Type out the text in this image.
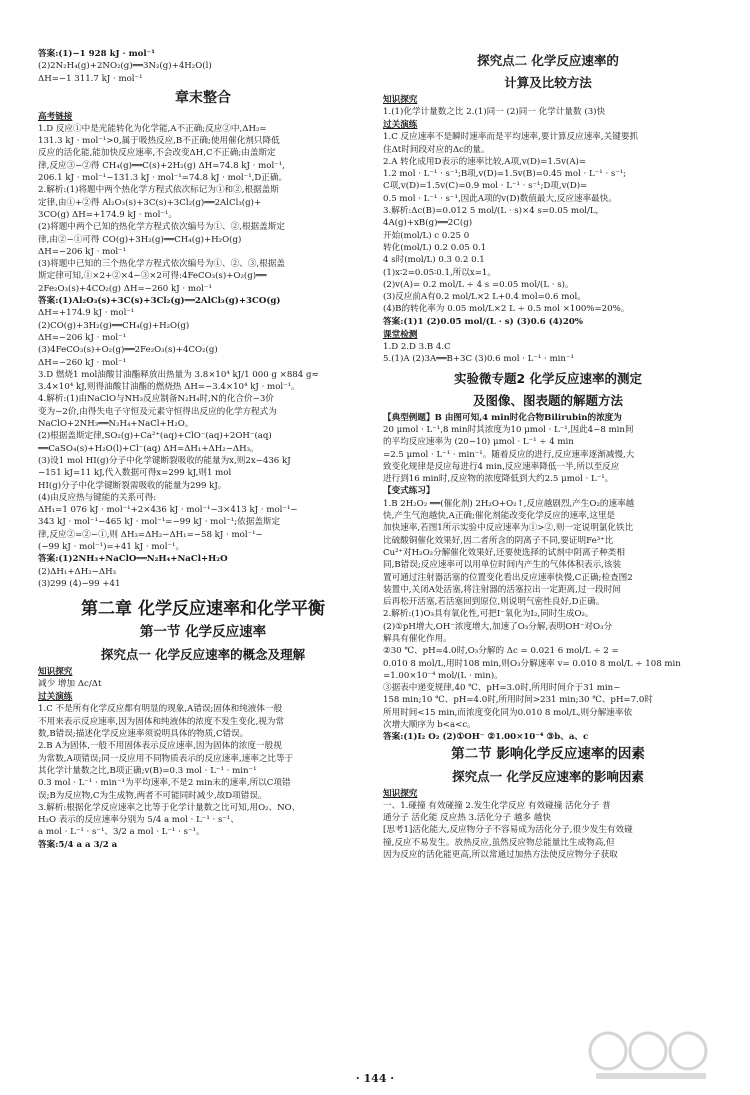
答案:(1)−1 928 kJ · mol⁻¹
(2)2N₂H₄(g)+2NO₂(g)══3N₂(g)+4H₂O(l)
ΔH=−1 311.7 kJ · mol⁻¹
章末整合
高考链接
1.D 反应①中是光能转化为化学能,A不正确;反应②中,ΔH₂=
131.3 kJ · mol⁻¹>0,属于吸热反应,B不正确;使用催化剂只降低
反应的活化能,能加快反应速率,不会改变ΔH,C不正确;由盖斯定
律,反应③−②得 CH₄(g)══C(s)+2H₂(g) ΔH=74.8 kJ · mol⁻¹,
206.1 kJ · mol⁻¹−131.3 kJ · mol⁻¹=74.8 kJ · mol⁻¹,D正确。
2.解析:(1)将题中两个热化学方程式依次标记为①和②,根据盖斯
定律,由①+②得 Al₂O₃(s)+3C(s)+3Cl₂(g)══2AlCl₃(g)+
3CO(g) ΔH=+174.9 kJ · mol⁻¹。
(2)将题中两个已知的热化学方程式依次编号为①、②,根据盖斯定
律,由②−①可得 CO(g)+3H₂(g)══CH₄(g)+H₂O(g)
ΔH=−206 kJ · mol⁻¹
(3)将题中已知的三个热化学方程式依次编号为①、②、③,根据盖
斯定律可知,①×2+②×4−③×2可得:4FeCO₃(s)+O₂(g)══
2Fe₂O₃(s)+4CO₂(g) ΔH=−260 kJ · mol⁻¹
答案:(1)Al₂O₃(s)+3C(s)+3Cl₂(g)══2AlCl₃(g)+3CO(g)
ΔH=+174.9 kJ · mol⁻¹
(2)CO(g)+3H₂(g)══CH₄(g)+H₂O(g)
ΔH=−206 kJ · mol⁻¹
(3)4FeCO₃(s)+O₂(g)══2Fe₂O₃(s)+4CO₂(g)
ΔH=−260 kJ · mol⁻¹
3.D 燃烧1 mol油酸甘油酯释放出热量为 3.8×10⁴ kJ/1 000 g ×884 g≈
3.4×10⁴ kJ,则得油酸甘油酯的燃烧热 ΔH=−3.4×10⁴ kJ · mol⁻¹。
4.解析:(1)由NaClO与NH₃反应制备N₂H₄时,N的化合价−3价
变为−2价,由得失电子守恒及元素守恒得出反应的化学方程式为
NaClO+2NH₃══N₂H₄+NaCl+H₂O。
(2)根据盖斯定律,SO₂(g)+Ca²⁺(aq)+ClO⁻(aq)+2OH⁻(aq)
══CaSO₄(s)+H₂O(l)+Cl⁻(aq) ΔH=ΔH₁+ΔH₂−ΔH₃。
(3)设1 mol HI(g)分子中化学键断裂吸收的能量为x,则2x−436 kJ
−151 kJ=11 kJ,代入数据可得x=299 kJ,则1 mol
HI(g)分子中化学键断裂需吸收的能量为299 kJ。
(4)由反应热与键能的关系可得:
ΔH₁=1 076 kJ · mol⁻¹+2×436 kJ · mol⁻¹−3×413 kJ · mol⁻¹−
343 kJ · mol⁻¹−465 kJ · mol⁻¹=−99 kJ · mol⁻¹;依据盖斯定
律,反应②=②−①,则 ΔH₃=ΔH₂−ΔH₁=−58 kJ · mol⁻¹−
(−99 kJ · mol⁻¹)=+41 kJ · mol⁻¹。
答案:(1)2NH₃+NaClO══N₂H₄+NaCl+H₂O
(2)ΔH₁+ΔH₂−ΔH₃
(3)299 (4)−99 +41
第二章 化学反应速率和化学平衡
第一节 化学反应速率
探究点一 化学反应速率的概念及理解
知识探究
减少 增加 Δc/Δt
过关演练
1.C 不是所有化学反应都有明显的现象,A错误;固体和纯液体一般
不用来表示反应速率,因为固体和纯液体的浓度不发生变化,视为常
数,B错误;描述化学反应速率须说明具体的物质,C错误。
2.B A为固体,一般不用固体表示反应速率,因为固体的浓度一般视
为常数,A项错误;同一反应用不同物质表示的反应速率,速率之比等于
其化学计量数之比,B项正确;v(B)=0.3 mol · L⁻¹ · min⁻¹
0.3 mol · L⁻¹ · min⁻¹为平均速率,不是2 min末的速率,所以C项错
误;B为反应物,C为生成物,两者不可能同时减少,故D项错误。
3.解析:根据化学反应速率之比等于化学计量数之比可知,用O₂、NO、
H₂O 表示的反应速率分别为 5/4 a mol · L⁻¹ · s⁻¹、
a mol · L⁻¹ · s⁻¹、3/2 a mol · L⁻¹ · s⁻¹。
答案:5/4 a a 3/2 a
探究点二 化学反应速率的
计算及比较方法
知识探究
1.(1)化学计量数之比 2.(1)同一 (2)同一 化学计量数 (3)快
过关演练
1.C 反应速率不是瞬时速率而是平均速率,要计算反应速率,关键要抓
住Δt时间段对应的Δc的量。
2.A 转化成用D表示的速率比较,A项,v(D)=1.5v(A)=
1.2 mol · L⁻¹ · s⁻¹;B项,v(D)=1.5v(B)=0.45 mol · L⁻¹ · s⁻¹;
C项,v(D)=1.5v(C)=0.9 mol · L⁻¹ · s⁻¹;D项,v(D)=
0.5 mol · L⁻¹ · s⁻¹,因此A项的v(D)数值最大,反应速率最快。
3.解析:Δc(B)=0.012 5 mol/(L · s)×4 s=0.05 mol/L,
4A(g)+xB(g)══2C(g)
开始(mol/L) c 0.25 0
转化(mol/L) 0.2 0.05 0.1
4 s时(mol/L) 0.3 0.2 0.1
(1)x∶2=0.05∶0.1,所以x=1。
(2)v(A)= 0.2 mol/L ÷ 4 s =0.05 mol/(L · s)。
(3)反应前A有0.2 mol/L×2 L+0.4 mol=0.6 mol。
(4)B的转化率为 0.05 mol/L×2 L ÷ 0.5 mol ×100%=20%。
答案:(1)1 (2)0.05 mol/(L · s) (3)0.6 (4)20%
课堂检测
1.D 2.D 3.B 4.C
5.(1)A (2)3A══B+3C (3)0.6 mol · L⁻¹ · min⁻¹
实验微专题2 化学反应速率的测定
及图像、图表题的解题方法
【典型例题】B 由图可知,4 min时化合物Bilirubin的浓度为
20 μmol · L⁻¹,8 min时其浓度为10 μmol · L⁻¹,因此4~8 min间
的平均反应速率为 (20−10) μmol · L⁻¹ ÷ 4 min
=2.5 μmol · L⁻¹ · min⁻¹。随着反应的进行,反应速率逐渐减慢,大
致变化规律是反应每进行4 min,反应速率降低一半,所以至反应
进行到16 min时,反应物的浓度降低到大约2.5 μmol · L⁻¹。
【变式练习】
1.B 2H₂O₂ ══(催化剂) 2H₂O+O₂↑,反应越剧烈,产生O₂的速率越
快,产生气泡越快,A正确;催化剂能改变化学反应的速率,这里是
加快速率,若图1所示实验中反应速率为①>②,则一定说明氯化铁比
比硫酸铜催化效果好,因二者所含的阴离子不同,要证明Fe³⁺比
Cu²⁺对H₂O₂分解催化效果好,还要使选择的试剂中阴离子种类相
同,B错误;反应速率可以用单位时间内产生的气体体积表示,该装
置可通过注射器活塞的位置变化看出反应速率快慢,C正确;检查图2
装置中,关闭A处活塞,将注射器的活塞拉出一定距离,过一段时间
后再松开活塞,若活塞回到原位,则说明气密性良好,D正确。
2.解析:(1)O₃具有氧化性,可把I⁻氧化为I₂,同时生成O₂。
(2)①pH增大,OH⁻浓度增大,加速了O₃分解,表明OH⁻对O₃分
解具有催化作用。
②30 ℃、pH=4.0时,O₃分解的 Δc = 0.021 6 mol/L ÷ 2 =
0.010 8 mol/L,用时108 min,则O₃分解速率 v= 0.010 8 mol/L ÷ 108 min
=1.00×10⁻⁴ mol/(L · min)。
③据表中递变规律,40 ℃、pH=3.0时,所用时间介于31 min~
158 min;10 ℃、pH=4.0时,所用时间>231 min;30 ℃、pH=7.0时
所用时间<15 min,而浓度变化同为0.010 8 mol/L,则分解速率依
次增大顺序为 b<a<c。
答案:(1)I₂ O₂ (2)①OH⁻ ②1.00×10⁻⁴ ③b、a、c
第二节 影响化学反应速率的因素
探究点一 化学反应速率的影响因素
知识探究
一、1.碰撞 有效碰撞 2.发生化学反应 有效碰撞 活化分子 普
通分子 活化能 反应热 3.活化分子 越多 越快
[思考1]活化能大,反应物分子不容易成为活化分子,很少发生有效碰
撞,反应不易发生。放热反应,虽然反应物总能量比生成物高,但
因为反应的活化能更高,所以常通过加热方法使反应物分子获取
· 144 ·
